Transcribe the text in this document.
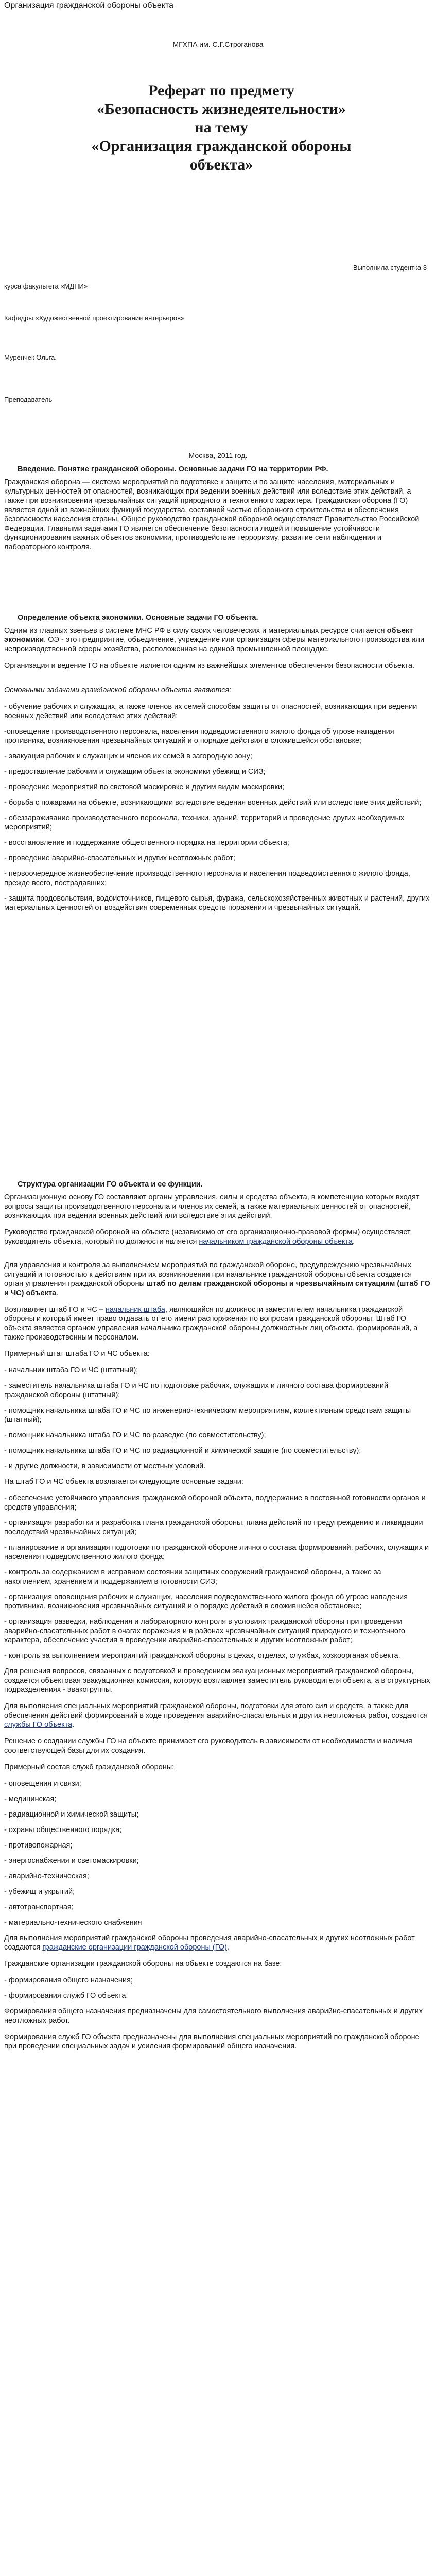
Организация гражданской обороны объекта
МГХПА им. С.Г.Строганова
Реферат по предмету
«Безопасность жизнедеятельности»
на тему
«Организация гражданской обороны
объекта»
Выполнила студентка 3
курса факультета «МДПИ»
Кафедры «Художественной проектирование интерьеров»
Мурёнчек Ольга.
Преподаватель
Москва, 2011 год.
Введение. Понятие гражданской обороны. Основные задачи ГО на территории РФ.

Гражданская оборона — система мероприятий по подготовке к защите и по защите населения, материальных и культурных ценностей от опасностей, возникающих при ведении военных действий или вследствие этих действий, а также при возникновении чрезвычайных ситуаций природного и техногенного характера. Гражданская оборона (ГО) является одной из важнейших функций государства, составной частью оборонного строительства и обеспечения безопасности населения страны. Общее руководство гражданской обороной осуществляет Правительство Российской Федерации. Главными задачами ГО является обеспечение безопасности людей и повышение устойчивости функционирования важных объектов экономики, противодействие терроризму, развитие сети наблюдения и лабораторного контроля.

Определение объекта экономики. Основные задачи ГО объекта.

Одним из главных звеньев в системе МЧС РФ в силу своих человеческих и материальных ресурсе считается объект экономики. ОЭ - это предприятие, объединение, учреждение или организация сферы материального производства или непроизводственной сферы хозяйства, расположенная на единой промышленной площадке.

Организация и ведение ГО на объекте является одним из важнейшых элементов обеспечения безопасности объекта.

Основными задачами гражданской обороны объекта являются:

- обучение рабочих и служащих, а также членов их семей способам защиты от опасностей, возникающих при ведении военных действий или вследствие этих действий;
-оповещение производственного персонала, населения подведомственного жилого фонда об угрозе нападения противника, возникновения чрезвычайных ситуаций и о порядке действия в сложившейся обстановке;
- эвакуация рабочих и служащих и членов их семей в загородную зону;
- предоставление рабочим и служащим объекта экономики убежищ и СИЗ;
- проведение мероприятий по световой маскировке и другим видам маскировки;
- борьба с пожарами на объекте, возникающими вследствие ведения военных действий или вследствие этих действий;
- обеззараживание производственного персонала, техники, зданий, территорий и проведение других необходимых мероприятий;
- восстановление и поддержание общественного порядка на территории объекта;
- проведение аварийно-спасательных и других неотложных работ;
- первоочередное жизнеобеспечение производственного персонала и населения подведомственного жилого фонда, прежде всего, пострадавших;
- защита продовольствия, водоисточников, пищевого сырья, фуража, сельскохозяйственных животных и растений, других материальных ценностей от воздействия современных средств поражения и чрезвычайных ситуаций.
Структура организации ГО объекта и ее функции.

Организационную основу ГО составляют органы управления, силы и средства объекта, в компетенцию которых входят вопросы защиты производственного персонала и членов их семей, а также материальных ценностей от опасностей, возникающих при ведении военных действий или вследствие этих действий.

Руководство гражданской обороной на объекте (независимо от его организационно-правовой формы) осуществляет руководитель объекта, который по должности является начальником гражданской обороны объекта.

Для управления и контроля за выполнением мероприятий по гражданской обороне, предупреждению чрезвычайных ситуаций и готовностью к действиям при их возникновении при начальнике гражданской обороны объекта создается орган управления гражданской обороны штаб по делам гражданской обороны и чрезвычайным ситуациям (штаб ГО и ЧС) объекта.

Возглавляет штаб ГО и ЧС – начальник штаба, являющийся по должности заместителем начальника гражданской обороны и который имеет право отдавать от его имени распоряжения по вопросам гражданской обороны. Штаб ГО объекта является органом управления начальника гражданской обороны должностных лиц объекта, формирований, а также производственным персоналом.

Примерный штат штаба ГО и ЧС объекта:

- начальник штаба ГО и ЧС (штатный);
- заместитель начальника штаба ГО и ЧС по подготовке рабочих, служащих и личного состава формирований гражданской обороны (штатный);
- помощник начальника штаба ГО и ЧС по инженерно-техническим мероприятиям, коллективным средствам защиты (штатный);
- помощник начальника штаба ГО и ЧС по разведке (по совместительству);
- помощник начальника штаба ГО и ЧС по радиационной и химической защите (по совместительству);
- и другие должности, в зависимости от местных условий.

На штаб ГО и ЧС объекта возлагается следующие основные задачи:

- обеспечение устойчивого управления гражданской обороной объекта, поддержание в постоянной готовности органов и средств управления;
- организация разработки и разработка плана гражданской обороны, плана действий по предупреждению и ликвидации последствий чрезвычайных ситуаций;
- планирование и организация подготовки по гражданской обороне личного состава формирований, рабочих, служащих и населения подведомственного жилого фонда;
- контроль за содержанием в исправном состоянии защитных сооружений гражданской обороны, а также за накоплением, хранением и поддержанием в готовности СИЗ;
- организация оповещения рабочих и служащих, населения подведомственного жилого фонда об угрозе нападения противника, возникновения чрезвычайных ситуаций и о порядке действий в сложившейся обстановке;
- организация разведки, наблюдения и лабораторного контроля в условиях гражданской обороны при проведении аварийно-спасательных работ в очагах поражения и в районах чрезвычайных ситуаций природного и техногенного характера, обеспечение участия в проведении аварийно-спасательных и других неотложных работ;
- контроль за выполнением мероприятий гражданской обороны в цехах, отделах, службах, хозкоорганах объекта.

Для решения вопросов, связанных с подготовкой и проведением эвакуационных мероприятий гражданской обороны, создается объектовая эвакуационная комиссия, которую возглавляет заместитель руководителя объекта, а в структурных подразделениях - эвакогруппы.

Для выполнения специальных мероприятий гражданской обороны, подготовки для этого сил и средств, а также для обеспечения действий формирований в ходе проведения аварийно-спасательных и других неотложных работ, создаются службы ГО объекта.

Решение о создании службы ГО на объекте принимает его руководитель в зависимости от необходимости и наличия соответствующей базы для их создания.

Примерный состав служб гражданской обороны:

- оповещения и связи;
- медицинская;
- радиационной и химической защиты;
- охраны общественного порядка;
- противопожарная;
- энергоснабжения и светомаскировки;
- аварийно-техническая;
- убежищ и укрытий;
- автотранспортная;
- материально-технического снабжения

Для выполнения мероприятий гражданской обороны проведения аварийно-спасательных и других неотложных работ создаются гражданские организации гражданской обороны (ГО).

Гражданские организации гражданской обороны на объекте создаются на базе:

- формирования общего назначения;
- формирования служб ГО объекта.

Формирования общего назначения предназначены для самостоятельного выполнения аварийно-спасательных и других неотложных работ.

Формирования служб ГО объекта предназначены для выполнения специальных мероприятий по гражданской обороне при проведении специальных задач и усиления формирований общего назначения.
